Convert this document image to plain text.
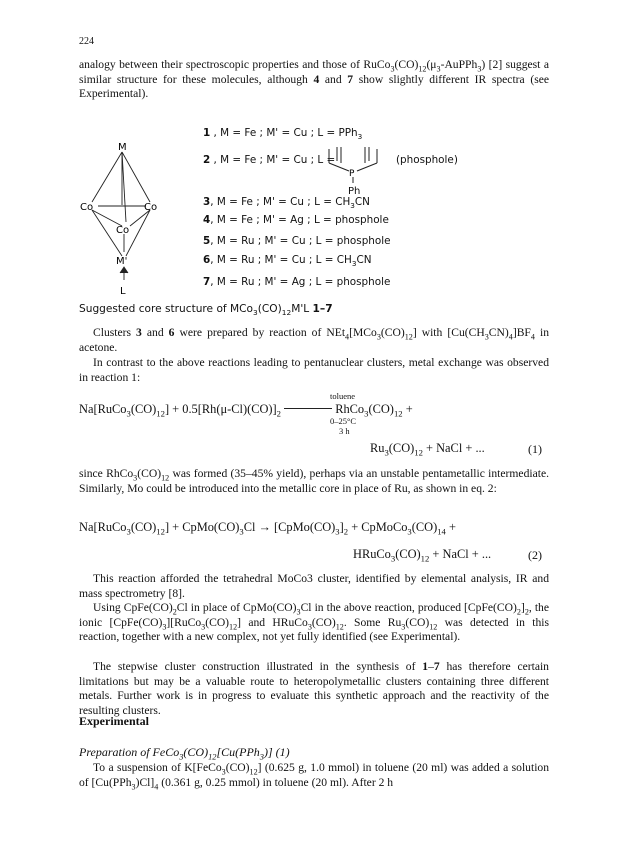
224
analogy between their spectroscopic properties and those of $RuCo_3(CO)_{12}(\mu_3-AuPPh_3)$ [2] suggest a similar structure for these molecules, although 4 and 7 show slightly different IR spectra (see Experimental).
M
Co	Co
Co
M'
L
1 , M = Fe ; M' = Cu ; L = PPh$_3$
2 , M = Fe ; M' = Cu ; L =
P
Ph
(phosphole)
3, M = Fe ; M' = Cu ; $L = CH_3CN$
4, M = Fe ; M' = Ag ; L = phosphole
5, M = Ru ; M' = Cu ; L = phosphole
6, M = Ru ; M' = Cu ; $L = CH_3CN$
7, M = Ru ; M' = Ag ; L = phosphole
Suggested core structure of $MCo_3(CO)_{12}M'L$ 1–7
Clusters 3 and 6 were prepared by reaction of $NEt_4[MCo_3(CO)_{12}]$ with $[Cu(CH_3CN)_4]BF_4$ in acetone.
In contrast to the above reactions leading to pentanuclear clusters, metal exchange was observed in reaction 1:
$Na[RuCo_3(CO)_{12}] + 0.5[Rh(\mu-Cl)(CO)]_2$	$RhCo_3(CO)_{12}$ +
toluene
0–25°C
3 h
$Ru_3(CO)_{12}$ + NaCl + ...	(1)
since $RhCo_3(CO)_{12}$ was formed (35–45% yield), perhaps via an unstable pentametallic intermediate. Similarly, Mo could be introduced into the metallic core in place of Ru, as shown in eq. 2:
$Na[RuCo_3(CO)_{12}]$ + $CpMo(CO)_3Cl$ → $[CpMo(CO)_3]_2$ + $CpMoCo_3(CO)_{14}$ +
$HRuCo_3(CO)_{12}$ + NaCl + ...	(2)
This reaction afforded the tetrahedral MoCo3 cluster, identified by elemental analysis, IR and mass spectrometry [8].
Using $CpFe(CO)_2Cl$ in place of $CpMo(CO)_3Cl$ in the above reaction, produced $[CpFe(CO)_2]_2$, the ionic $[CpFe(CO)_3][RuCo_3(CO)_{12}]$ and $HRuCo_3(CO)_{12}$. Some $Ru_3(CO)_{12}$ was detected in this reaction, together with a new complex, not yet fully identified (see Experimental).
The stepwise cluster construction illustrated in the synthesis of 1–7 has therefore certain limitations but may be a valuable route to heteropolymetallic clusters containing three different metals. Further work is in progress to evaluate this synthetic approach and the reactivity of the resulting clusters.
Experimental
Preparation of $FeCo_3(CO)_{12}[Cu(PPh_3)]$ (1)
To a suspension of $K[FeCo_3(CO)_{12}]$ (0.625 g, 1.0 mmol) in toluene (20 ml) was added a solution of $[Cu(PPh_3)Cl]_4$ (0.361 g, 0.25 mmol) in toluene (20 ml). After 2 h
